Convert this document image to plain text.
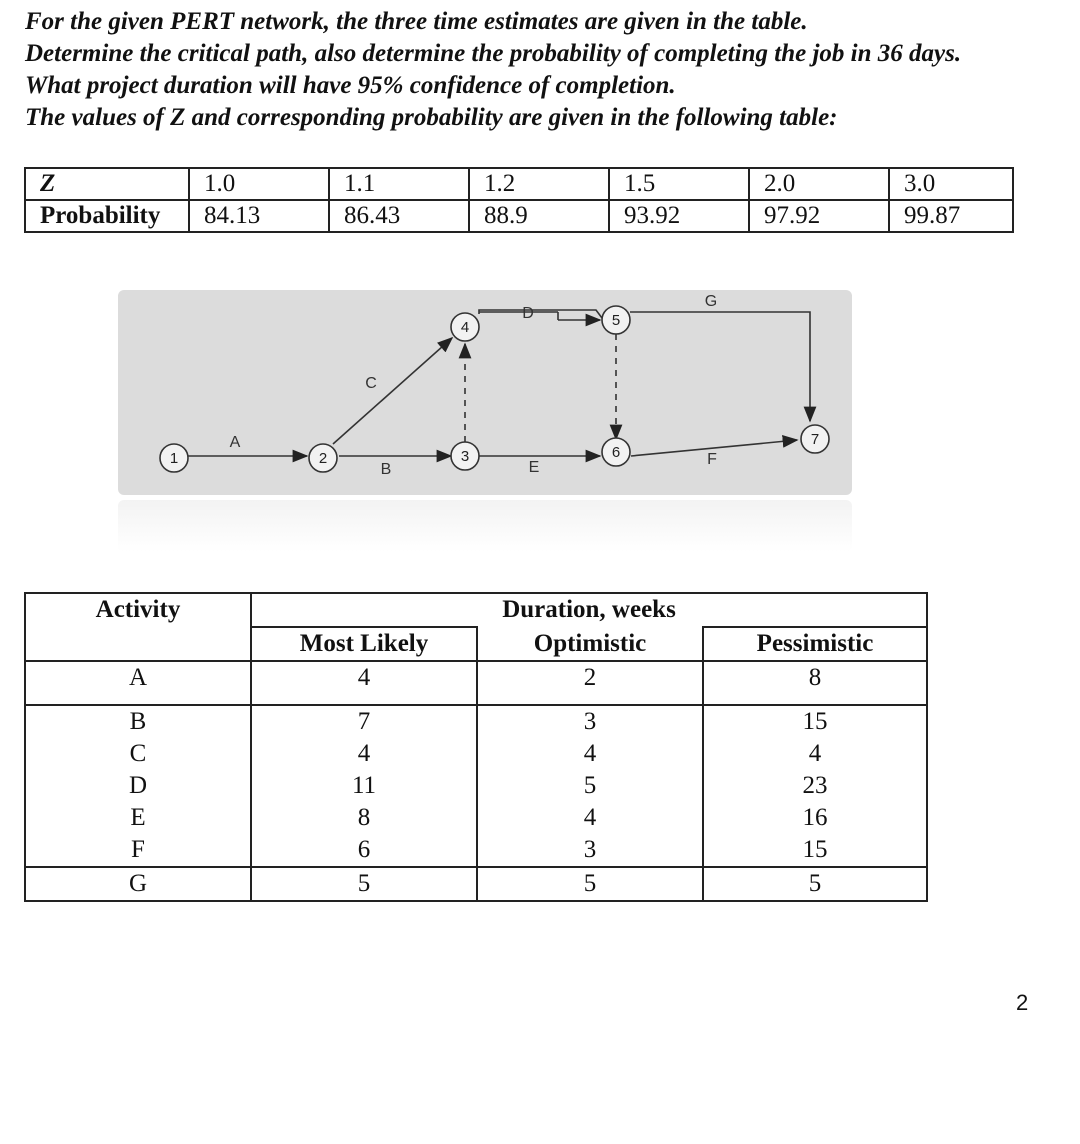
For the given PERT network, the three time estimates are given in the table.
Determine the critical path, also determine the probability of completing the job in 36 days.
What project duration will have 95% confidence of completion.
The values of Z and corresponding probability are given in the following table:
Z	1.0	1.1	1.2	1.5	2.0	3.0
Probability	84.13	86.43	88.9	93.92	97.92	99.87
1	2	3
4	5
6
7
A
B
C
D
E	F
G
Activity	Duration, weeks		
	Most Likely	Optimistic	Pessimistic
A	4	2	8
B	7	3	15
C	4	4	4
D	11	5	23
E	8	4	16
F	6	3	15
G	5	5	5
2
